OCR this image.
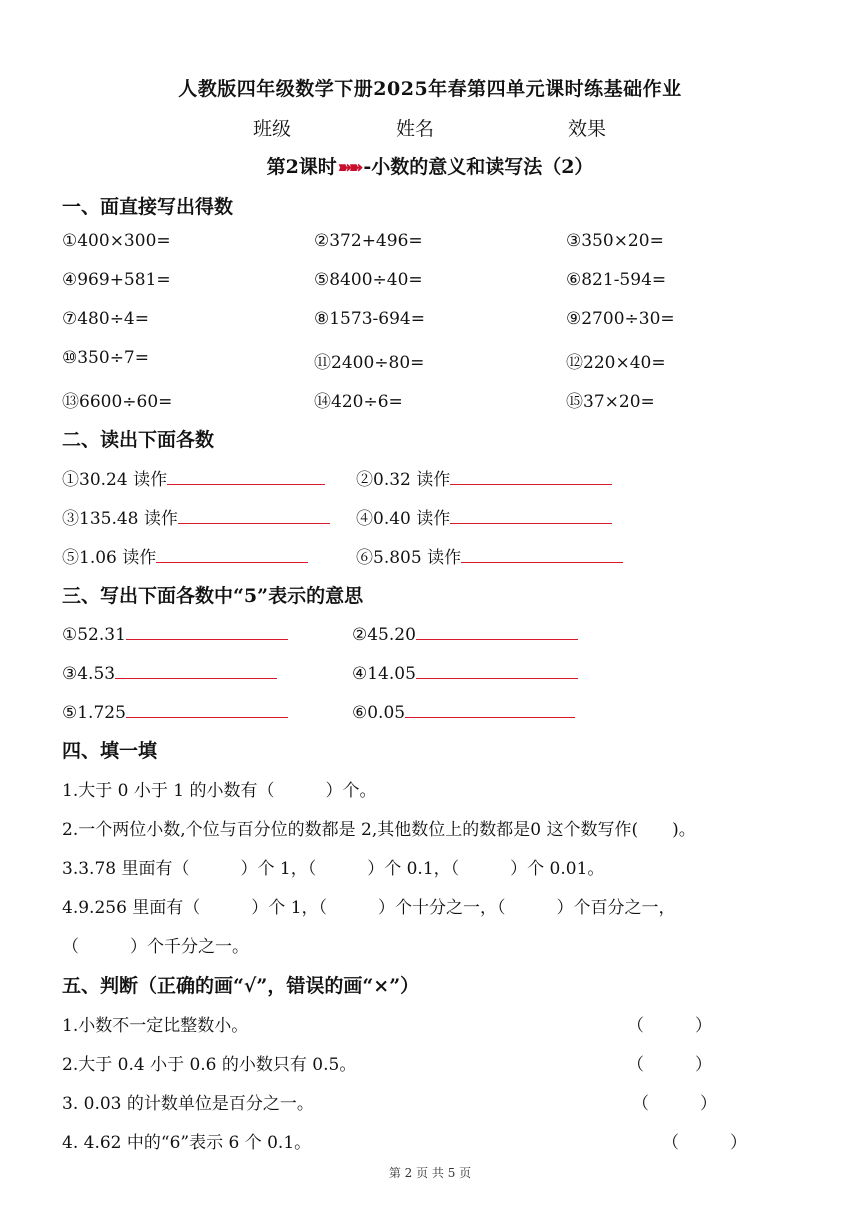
人教版四年级数学下册2025年春第四单元课时练基础作业
班级	姓名	效果
第2课时➽➽ -小数的意义和读写法（2）
一、面直接写出得数
①400×300=	②372+496=	③350×20=
④969+581=	⑤8400÷40=	⑥821-594=
⑦480÷4=	⑧1573-694=	⑨2700÷30=
⑩350÷7=	⑪2400÷80=	⑫220×40=
⑬6600÷60=	⑭420÷6=	⑮37×20=
二、读出下面各数
①30.24 读作	②0.32 读作
③135.48 读作	④0.40 读作
⑤1.06 读作	⑥5.805 读作
三、写出下面各数中“5”表示的意思
①52.31	②45.20
③4.53	④14.05
⑤1.725	⑥0.05
四、填一填
1.大于 0 小于 1 的小数有（　　　）个。
2.一个两位小数,个位与百分位的数都是 2,其他数位上的数都是0 这个数写作(　　)。
3.3.78 里面有（　　　）个 1，（　　　）个 0.1，（　　　）个 0.01。
4.9.256 里面有（　　　）个 1，（　　　）个十分之一，（　　　）个百分之一，
（　　　）个千分之一。
五、判断（正确的画“√”，错误的画“×”）
1.小数不一定比整数小。	（　　　）
2.大于 0.4 小于 0.6 的小数只有 0.5。	（　　　）
3. 0.03 的计数单位是百分之一。	（　　　）
4. 4.62 中的“6”表示 6 个 0.1。	（　　　）
第 2 页 共 5 页
